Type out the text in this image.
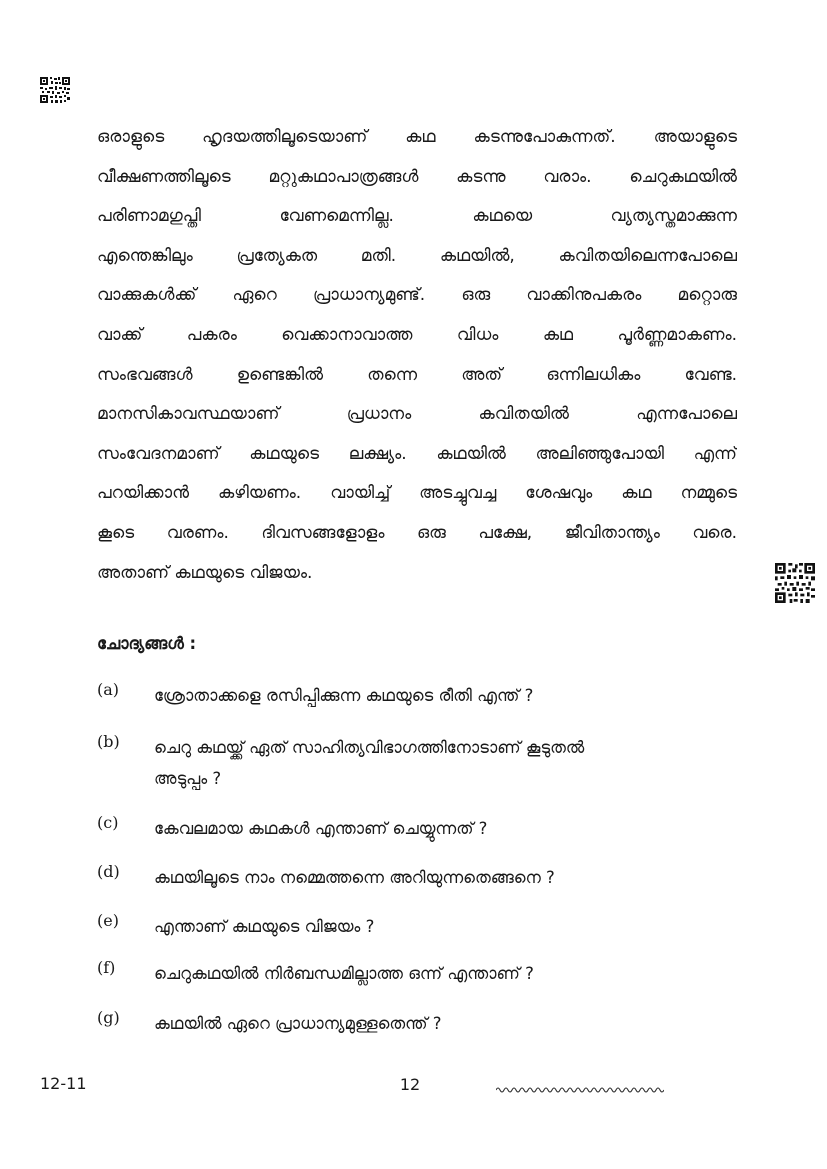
ഒരാളുടെ ഹൃദയത്തിലൂടെയാണ് കഥ കടന്നുപോകുന്നത്. അയാളുടെ
വീക്ഷണത്തിലൂടെ മറ്റുകഥാപാത്രങ്ങൾ കടന്നു വരാം. ചെറുകഥയിൽ
പരിണാമഗുപ്തി വേണമെന്നില്ല. കഥയെ വ്യത്യസ്തമാക്കുന്ന
എന്തെങ്കിലും പ്രത്യേകത മതി. കഥയിൽ, കവിതയിലെന്നപോലെ
വാക്കുകൾക്ക് ഏറെ പ്രാധാന്യമുണ്ട്. ഒരു വാക്കിനുപകരം മറ്റൊരു
വാക്ക് പകരം വെക്കാനാവാത്ത വിധം കഥ പൂർണ്ണമാകണം.
സംഭവങ്ങൾ ഉണ്ടെങ്കിൽ തന്നെ അത് ഒന്നിലധികം വേണ്ട.
മാനസികാവസ്ഥയാണ് പ്രധാനം കവിതയിൽ എന്നപോലെ
സംവേദനമാണ് കഥയുടെ ലക്ഷ്യം. കഥയിൽ അലിഞ്ഞുപോയി എന്ന്
പറയിക്കാൻ കഴിയണം. വായിച്ച് അടച്ചുവച്ച ശേഷവും കഥ നമ്മുടെ
കൂടെ വരണം. ദിവസങ്ങളോളം ഒരു പക്ഷേ, ജീവിതാന്ത്യം വരെ.
അതാണ് കഥയുടെ വിജയം.
ചോദ്യങ്ങൾ :
(a)	ശ്രോതാക്കളെ രസിപ്പിക്കുന്ന കഥയുടെ രീതി എന്ത് ?
(b)	ചെറു കഥയ്ക്ക് ഏത് സാഹിത്യവിഭാഗത്തിനോടാണ് കൂടുതൽ
അടുപ്പം ?
(c)	കേവലമായ കഥകൾ എന്താണ് ചെയ്യുന്നത് ?
(d)	കഥയിലൂടെ നാം നമ്മെത്തന്നെ അറിയുന്നതെങ്ങനെ ?
(e)	എന്താണ് കഥയുടെ വിജയം ?
(f)	ചെറുകഥയിൽ നിർബന്ധമില്ലാത്ത ഒന്ന് എന്താണ് ?
(g)	കഥയിൽ ഏറെ പ്രാധാന്യമുള്ളതെന്ത് ?
12-11	12
